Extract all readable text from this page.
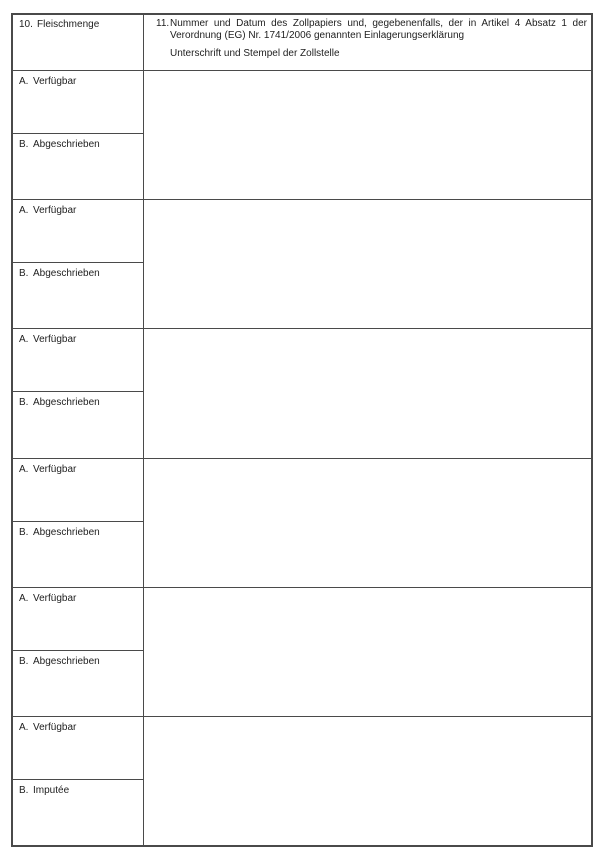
10. Fleischmenge	11. Nummer und Datum des Zollpapiers und, gegebenenfalls, der in Artikel 4 Absatz 1 der
Verordnung (EG) Nr. 1741/2006 genannten Einlagerungserklärung
Unterschrift und Stempel der Zollstelle
A. Verfügbar
B. Abgeschrieben
A. Verfügbar
B. Abgeschrieben
A. Verfügbar
B. Abgeschrieben
A. Verfügbar
B. Abgeschrieben
A. Verfügbar
B. Abgeschrieben
A. Verfügbar
B. Imputée
